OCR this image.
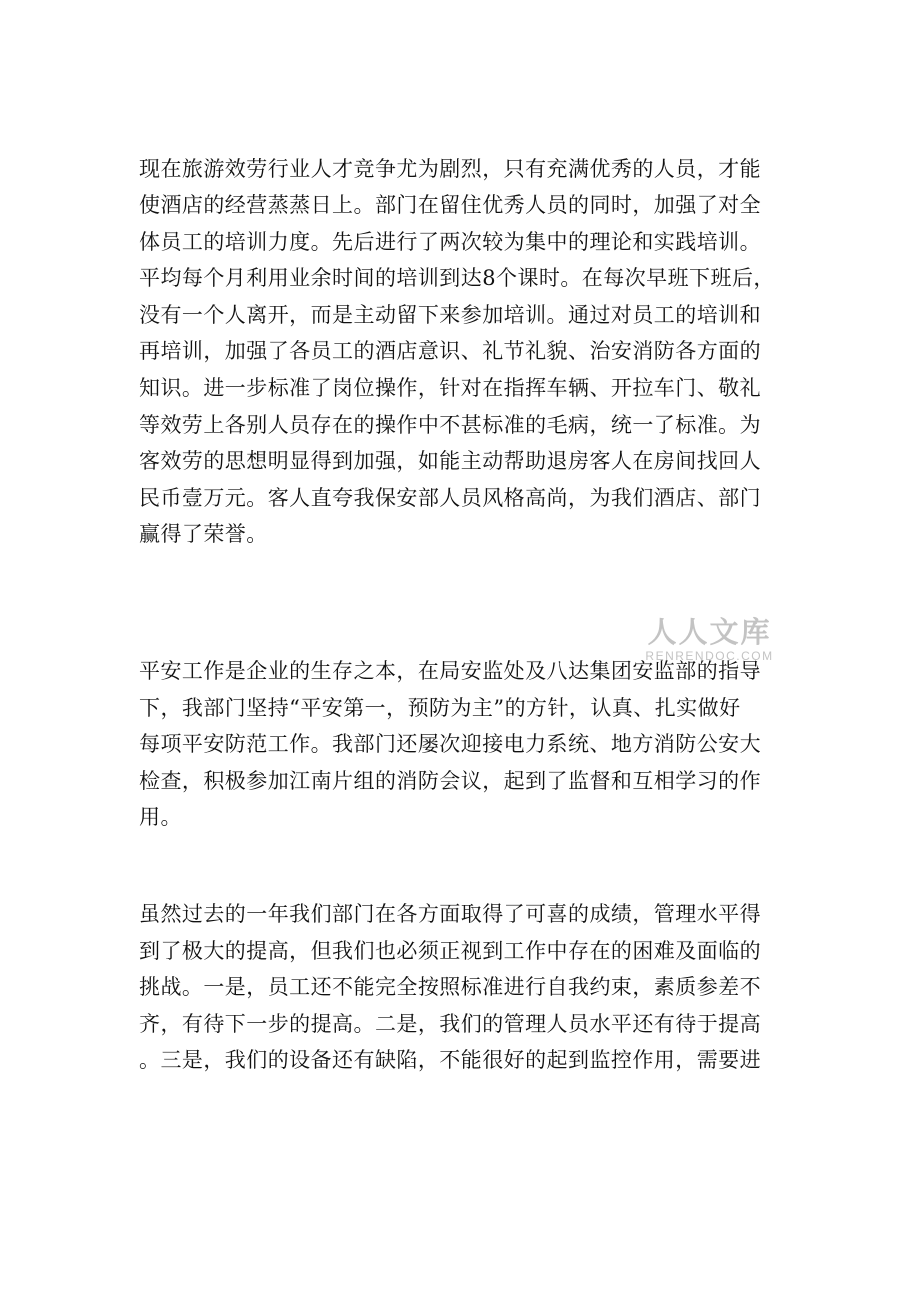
现在旅游效劳行业人才竞争尤为剧烈，只有充满优秀的人员，才能
使酒店的经营蒸蒸日上。部门在留住优秀人员的同时，加强了对全
体员工的培训力度。先后进行了两次较为集中的理论和实践培训。
平均每个月利用业余时间的培训到达8个课时。在每次早班下班后，
没有一个人离开，而是主动留下来参加培训。通过对员工的培训和
再培训，加强了各员工的酒店意识、礼节礼貌、治安消防各方面的
知识。进一步标准了岗位操作，针对在指挥车辆、开拉车门、敬礼
等效劳上各别人员存在的操作中不甚标准的毛病，统一了标准。为
客效劳的思想明显得到加强，如能主动帮助退房客人在房间找回人
民币壹万元。客人直夸我保安部人员风格高尚，为我们酒店、部门
赢得了荣誉。
平安工作是企业的生存之本，在局安监处及八达集团安监部的指导
下，我部门坚持“平安第一，预防为主”的方针，认真、扎实做好
每项平安防范工作。我部门还屡次迎接电力系统、地方消防公安大
检查，积极参加江南片组的消防会议，起到了监督和互相学习的作
用。
虽然过去的一年我们部门在各方面取得了可喜的成绩，管理水平得
到了极大的提高，但我们也必须正视到工作中存在的困难及面临的
挑战。一是，员工还不能完全按照标准进行自我约束，素质参差不
齐，有待下一步的提高。二是，我们的管理人员水平还有待于提高
。三是，我们的设备还有缺陷，不能很好的起到监控作用，需要进
人人文库
RENRENDOC.COM
